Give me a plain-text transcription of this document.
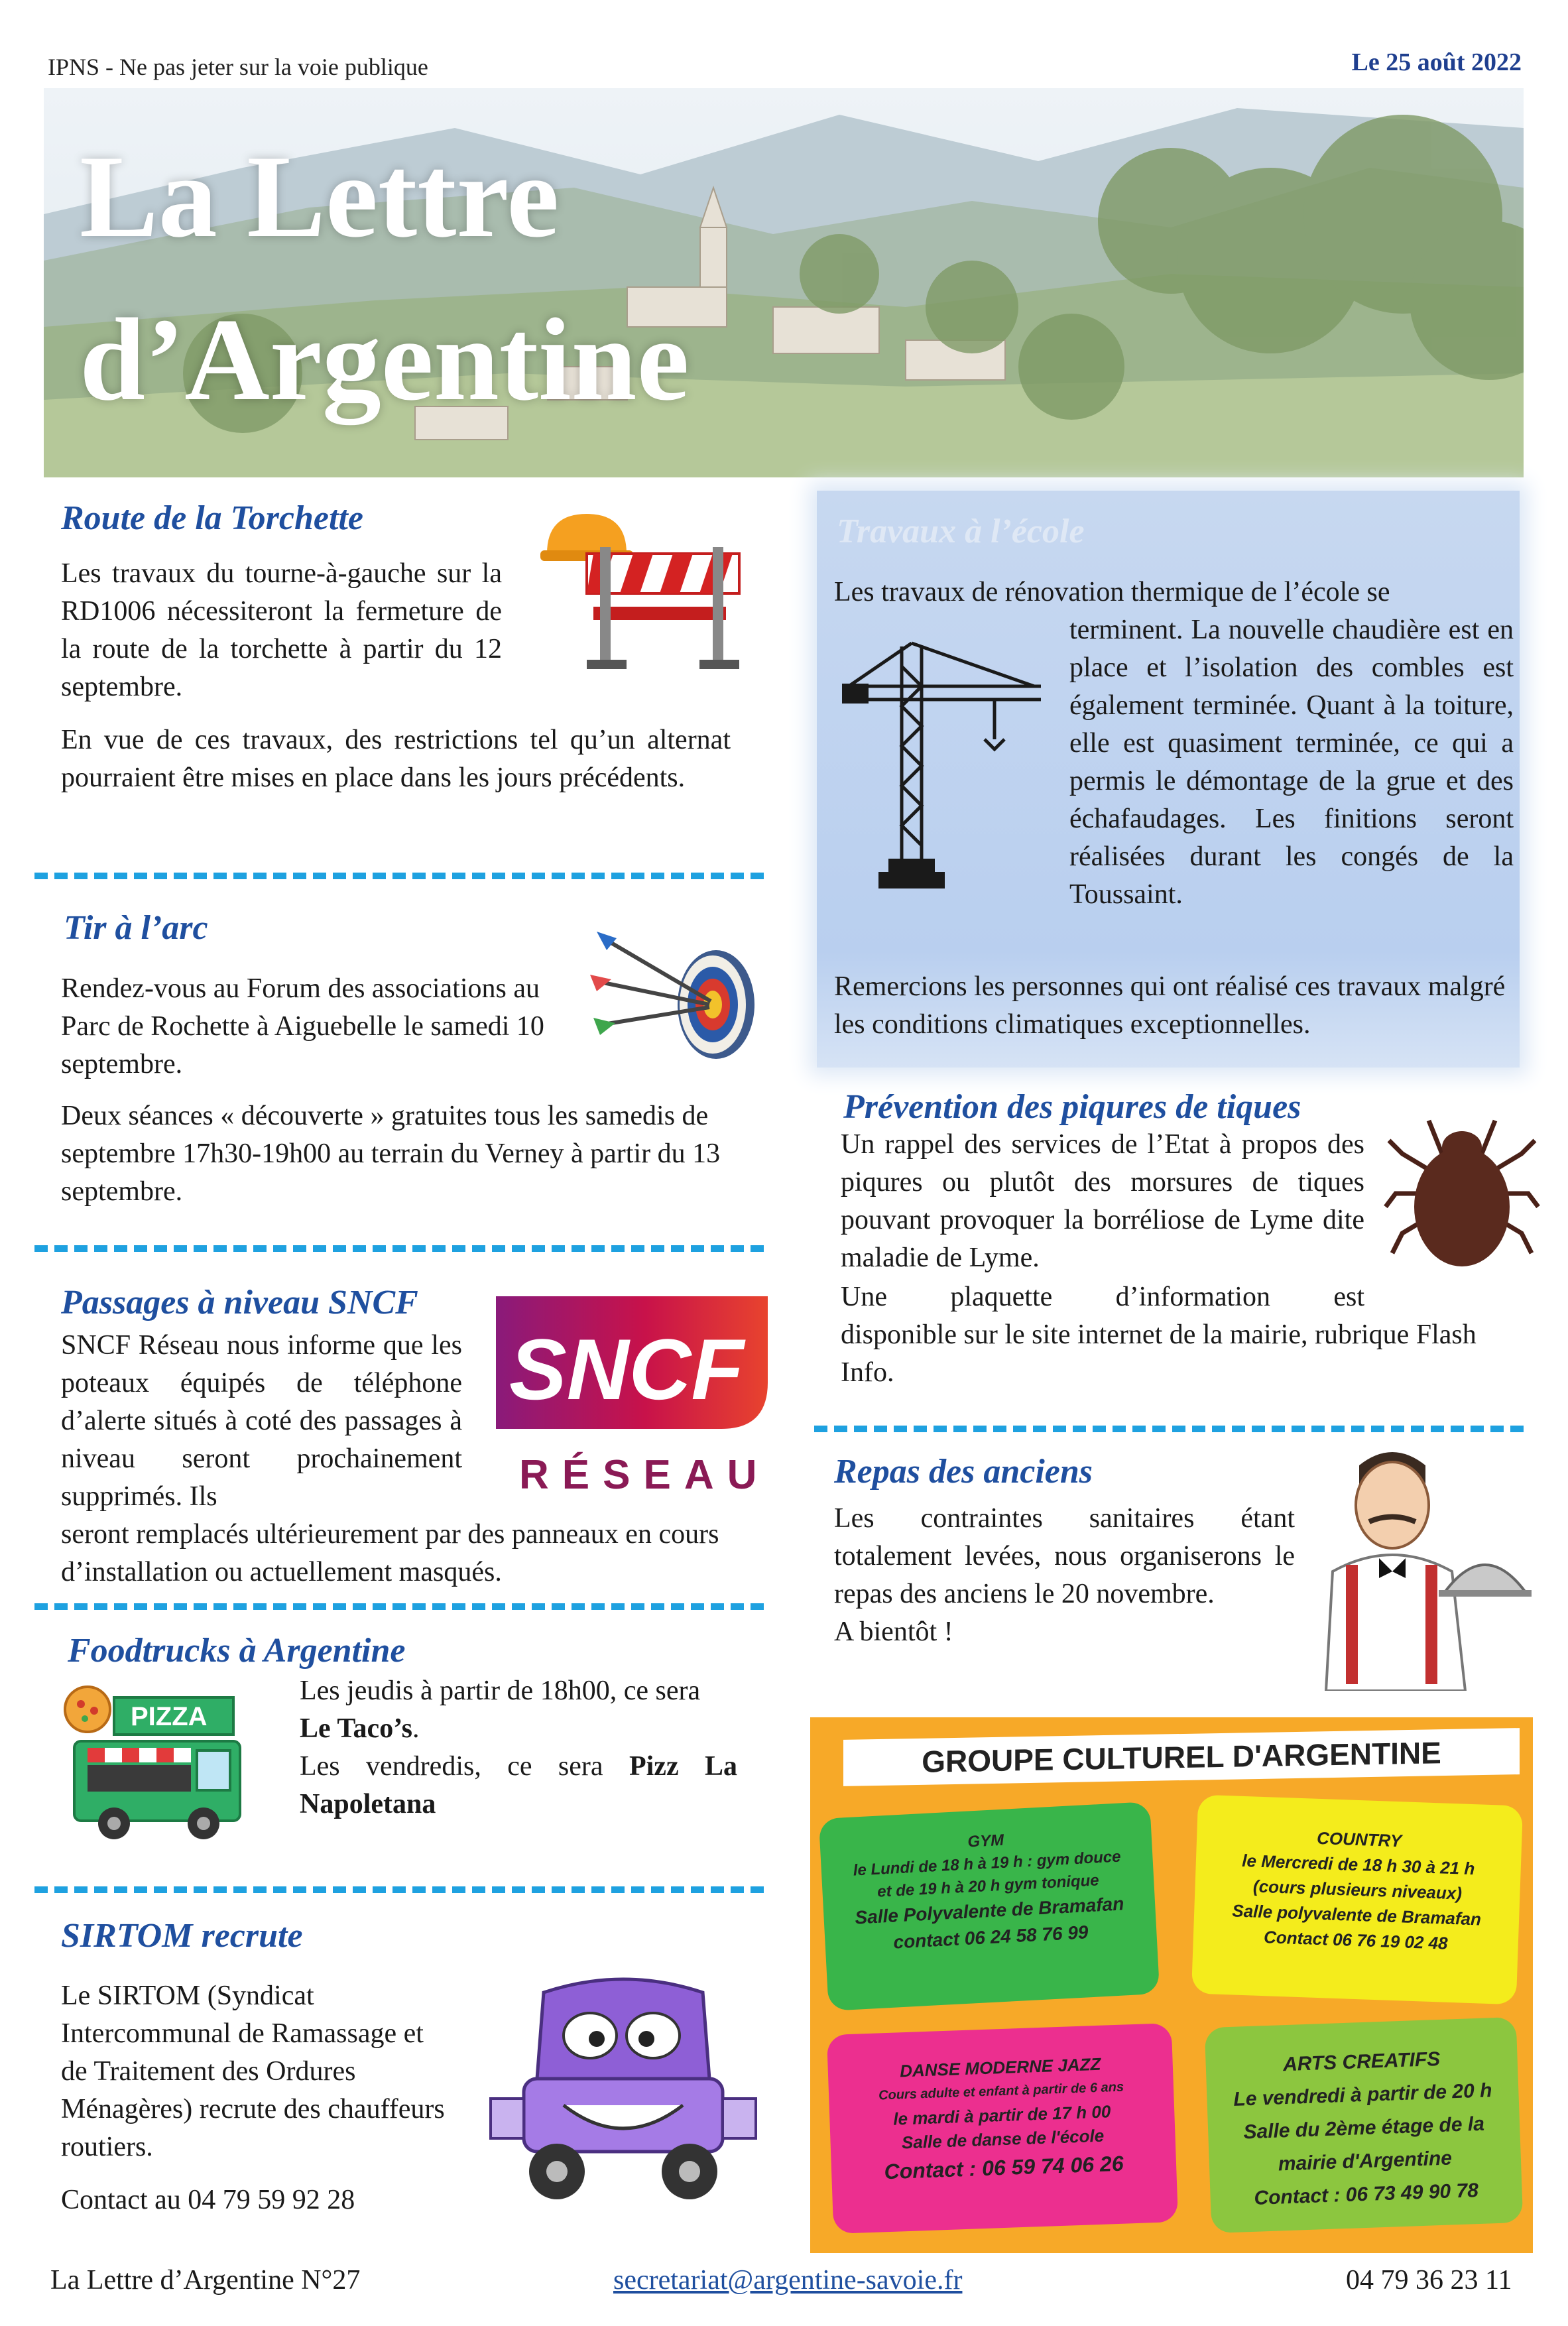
IPNS - Ne pas jeter sur la voie publique	Le 25 août 2022
La Lettre
d’Argentine
Route de la Torchette
Les travaux du tourne-à-gauche sur la RD1006 nécessiteront la fermeture de la route de la torchette à partir du 12 septembre.
En vue de ces travaux, des restrictions tel qu’un alternat pourraient être mises en place dans les jours précédents.
Tir à l’arc
Rendez-vous au Forum des associations au Parc de Rochette à Aiguebelle le samedi 10 septembre.
Deux séances « découverte » gratuites tous les samedis de septembre 17h30-19h00 au terrain du Verney à partir du 13 septembre.
Passages à niveau SNCF
SNCF
RÉSEAU
SNCF Réseau nous informe que les poteaux équipés de téléphone d’alerte situés à coté des passages à niveau seront prochainement supprimés. Ils
seront remplacés ultérieurement par des panneaux en cours d’installation ou actuellement masqués.
Foodtrucks à Argentine
PIZZA
Les jeudis à partir de 18h00, ce sera
Le Taco’s.
Les vendredis, ce sera Pizz La Napoletana
SIRTOM recrute
Le SIRTOM (Syndicat Intercommunal de Ramassage et de Traitement des Ordures Ménagères) recrute des chauffeurs routiers.
Contact au 04 79 59 92 28
Travaux à l’école
Les travaux de rénovation thermique de l’école se
terminent. La nouvelle chaudière est en place et l’isolation des combles est également terminée. Quant à la toiture, elle est quasiment terminée, ce qui a permis le démontage de la grue et des échafaudages. Les finitions seront réalisées durant les congés de la Toussaint.
Remercions les personnes qui ont réalisé ces travaux malgré les conditions climatiques exceptionnelles.
Prévention des piqures de tiques
Un rappel des services de l’Etat à propos des piqures ou plutôt des morsures de tiques pouvant provoquer la borréliose de Lyme dite maladie de Lyme.
Une plaquette d’information est
disponible sur le site internet de la mairie, rubrique Flash Info.
Repas des anciens
Les contraintes sanitaires étant totalement levées, nous organiserons le repas des anciens le 20 novembre.
A bientôt !
GROUPE CULTUREL D'ARGENTINE
GYM
le Lundi de 18 h à 19 h : gym douce
et de 19 h à 20 h gym tonique
Salle Polyvalente de Bramafan
contact 06 24 58 76 99
COUNTRY
le Mercredi de 18 h 30 à 21 h
(cours plusieurs niveaux)
Salle polyvalente de Bramafan
Contact 06 76 19 02 48
DANSE MODERNE JAZZ
Cours adulte et enfant à partir de 6 ans
le mardi à partir de 17 h 00
Salle de danse de l'école
Contact : 06 59 74 06 26
ARTS CREATIFS
Le vendredi à partir de 20 h
Salle du 2ème étage de la
mairie d'Argentine
Contact : 06 73 49 90 78
La Lettre d’Argentine N°27	secretariat@argentine-savoie.fr	04 79 36 23 11
